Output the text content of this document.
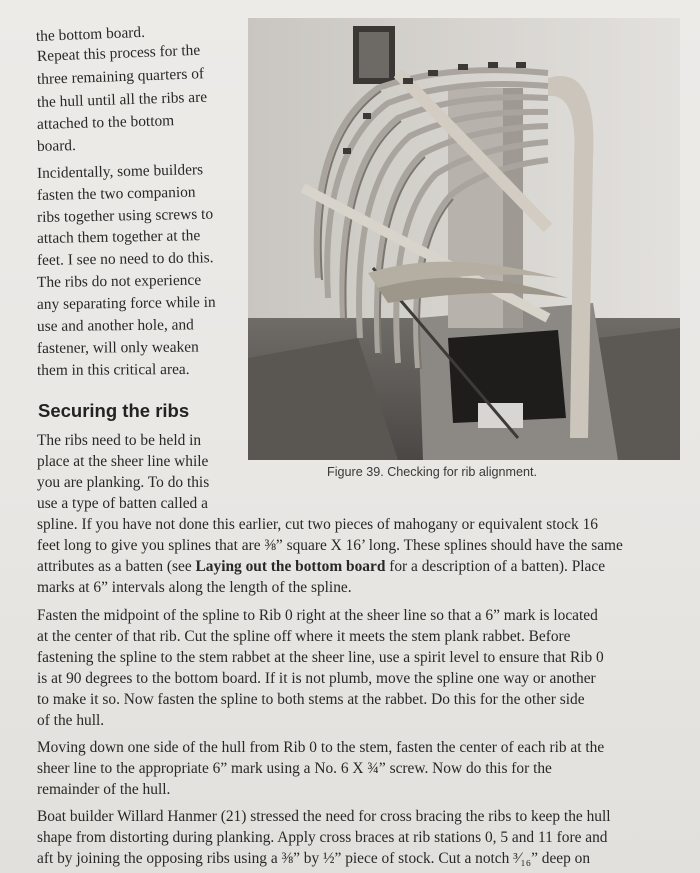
the bottom board.
Repeat this process for the
three remaining quarters of
the hull until all the ribs are
attached to the bottom
board.
Incidentally, some builders
fasten the two companion
ribs together using screws to
attach them together at the
feet. I see no need to do this.
The ribs do not experience
any separating force while in
use and another hole, and
fastener, will only weaken
them in this critical area.
Securing the ribs
The ribs need to be held in
place at the sheer line while
you are planking. To do this
use a type of batten called a
Figure 39. Checking for rib alignment.
spline. If you have not done this earlier, cut two pieces of mahogany or equivalent stock 16
feet long to give you splines that are ⅜” square X 16’ long. These splines should have the same
attributes as a batten (see Laying out the bottom board for a description of a batten). Place
marks at 6” intervals along the length of the spline.
Fasten the midpoint of the spline to Rib 0 right at the sheer line so that a 6” mark is located
at the center of that rib. Cut the spline off where it meets the stem plank rabbet. Before
fastening the spline to the stem rabbet at the sheer line, use a spirit level to ensure that Rib 0
is at 90 degrees to the bottom board. If it is not plumb, move the spline one way or another
to make it so. Now fasten the spline to both stems at the rabbet. Do this for the other side
of the hull.
Moving down one side of the hull from Rib 0 to the stem, fasten the center of each rib at the
sheer line to the appropriate 6” mark using a No. 6 X ¾” screw. Now do this for the
remainder of the hull.
Boat builder Willard Hanmer (21) stressed the need for cross bracing the ribs to keep the hull
shape from distorting during planking. Apply cross braces at rib stations 0, 5 and 11 fore and
aft by joining the opposing ribs using a ⅜” by ½” piece of stock. Cut a notch ³⁄₁₆” deep on
